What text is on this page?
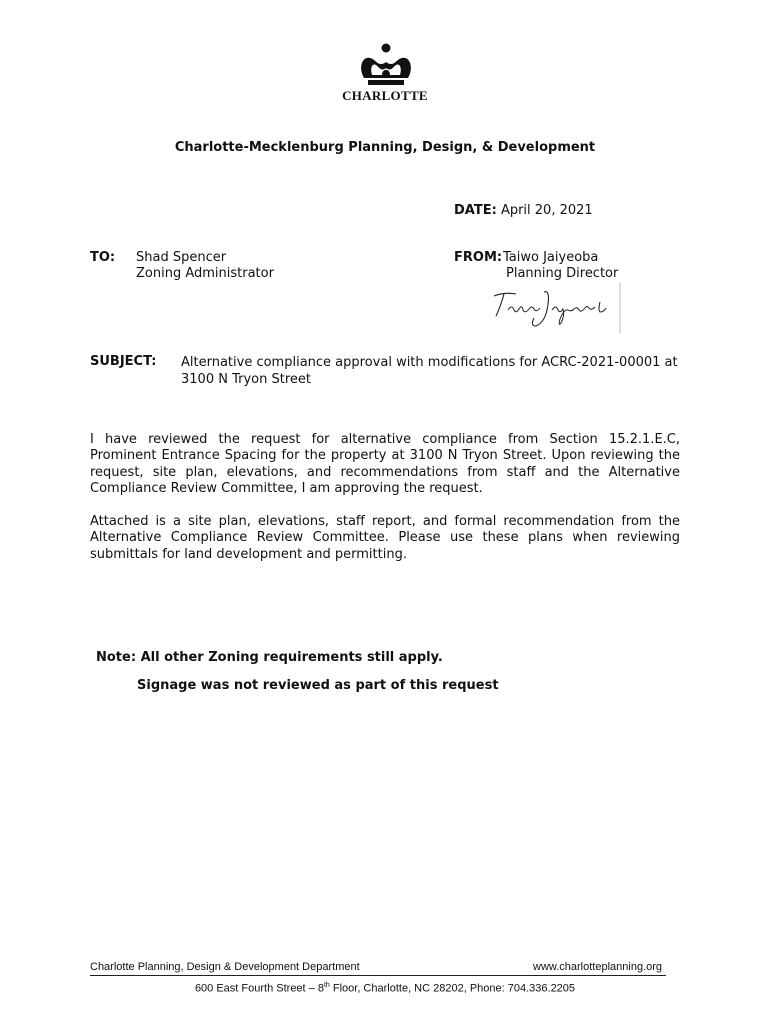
CHARLOTTE
Charlotte-Mecklenburg Planning, Design, & Development
DATE: April 20, 2021
TO: Shad Spencer
Zoning Administrator
FROM: Taiwo Jaiyeoba
Planning Director
SUBJECT: Alternative compliance approval with modifications for ACRC-2021-00001 at
3100 N Tryon Street
I have reviewed the request for alternative compliance from Section 15.2.1.E.C, Prominent Entrance Spacing for the property at 3100 N Tryon Street. Upon reviewing the request, site plan, elevations, and recommendations from staff and the Alternative Compliance Review Committee, I am approving the request.
Attached is a site plan, elevations, staff report, and formal recommendation from the Alternative Compliance Review Committee. Please use these plans when reviewing submittals for land development and permitting.
Note: All other Zoning requirements still apply.
Signage was not reviewed as part of this request
Charlotte Planning, Design & Development Department	www.charlotteplanning.org
600 East Fourth Street – 8th Floor, Charlotte, NC 28202, Phone: 704.336.2205
